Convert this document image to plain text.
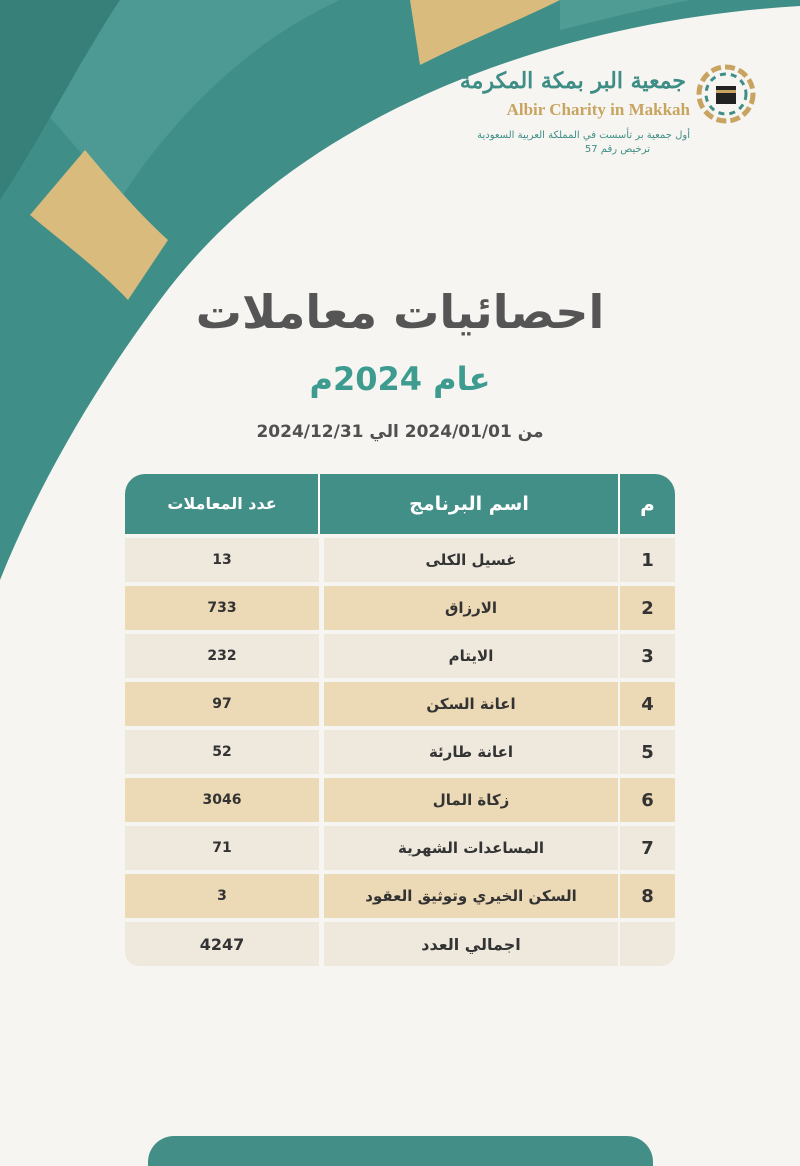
جمعية البر بمكة المكرمة
Albir Charity in Makkah
أول جمعية بر تأسست في المملكة العربية السعودية
ترخيص رقم 57
احصائيات معاملات
عام 2024م
من 2024/01/01 الي 2024/12/31
م
اسم البرنامج
عدد المعاملات
1
غسيل الكلى
13
2
الارزاق
733
3
الايتام
232
4
اعانة السكن
97
5
اعانة طارئة
52
6
زكاة المال
3046
7
المساعدات الشهرية
71
8
السكن الخيري وتوثيق العقود
3
اجمالي العدد
4247
